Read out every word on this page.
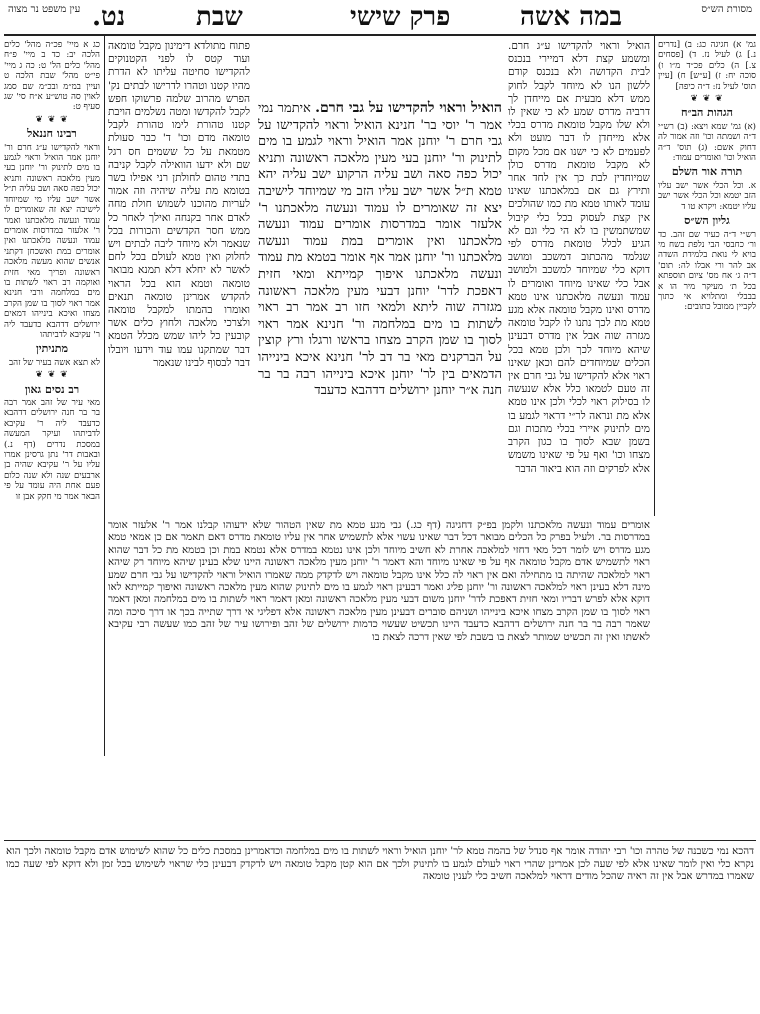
עין משפט נר מצוה נט.	שבת	פרק שישי	במה אשה	מסורת הש״ס

כג א מיי' פכ״ה מהל' כלים הלכה יב: כד ב מיי' פ״ח מהל' כלים הל' ט: כה ג מיי' פי״ט מהל' שבת הלכה ט ועיין במ״מ ובכ״מ שם סמג לאוין סה טוש״ע א״ח סי' שג סעיף ט:

❦ ❦ ❦
רבינו חננאל

וראוי להקדישו ע״ג חרם ור' יוחנן אמר הואיל וראוי לגמע בו מים לתינוק ור' יוחנן בעי מעין מלאכה ראשונה ותניא יכול כפה סאה ושב עליה ת״ל אשר ישב עליו מי שמיוחד לישיבה יצא זה שאומרים לו עמוד ונעשה מלאכתנו ואמר ר' אלעזר במדרסות אומרים עמוד ונעשה מלאכתנו ואין אומרים במת ואשכחן דקתני אנשים שהוא מעשה מלאכה ראשונה ופריך מאי חזית ואוקמה רב ראוי לשתות בו מים במלחמה ורבי חנינא אמר ראוי לסוך בו שמן הקרב מצחו ואיכא בינייהו דמאים ירושלים דדהבא כדעבד ליה ר' עקיבא לדביתהו

מתניתין

לא תצא אשה בעיר של זהב

❦ ❦ ❦
רב נסים גאון

מאי עיר של זהב אמר רבה בר בר חנה ירושלים דדהבא כדעבד ליה ר' עקיבא לדביתהו ועיקר המעשה במסכת נדרים (דף נ.) ובאבות דר' נתן גרסינן אמרו עליו על ר' עקיבא שהיה בן ארבעים שנה ולא שנה כלום פעם אחת היה עומד על פי הבאר אמר מי חקק אבן זו

גמ' א) חגיגה כג: ב) [נדרים נ.] ג) לעיל נז. ד) [פסחים צ.] ה) כלים פכ״ד מ״ו ו) סוכה יח: ז) [ע״ש] ח) [עיין תוס' לעיל נז: ד״ה כיפה]

❦ ❦ ❦
הגהות הב״ח

(א) גמ' שמא ויצא: (ב) רש״י ד״ה ושמתה וכו' וזה אמור לה דחוק אשם: (ג) תוס' ד״ה הואיל וכו' ואומרים עמוד:

תורה אור השלם

א. וכל הכלי אשר ישב עליו הזב יטמא וכל הכלי אשר ישב עליו יטמא: ויקרא טו ד

גליון הש״ס

רש״י ד״ה כעיר שם זהב. כד ור׳ כחבסי הבי נלפת בשח מי בויא לי נואת בלמידת השדה אב להר ורי אבלו לה: תום' ד״ה ג׳ אח מס' ציום תוספתא בכל ת׳ מעיקר מיר הו א בבבלי ומתלויא אי כתוך לקביין ממובל כתובים:

הואיל וראוי להקדישו ע״ג חרם. ומשמע קצת דלא דמיירי בנכנס לבית הקדושה ולא בנכנס קודם ללשון הנו לא מיוחד לקבל לחוק ממש דלא מבעית אם מייחדן לך דרביה מדרס שמע לא כי שאין לו ולא שלו מקבל טומאת מדרס בכלי אלא מייחדן לו דבר מועט ולא לפעמים לא כי ישנו אם מכל מקום לא מקבל טומאת מדרס כולן שמיוחדין לבת כך אין לחד אחר ותירץ גם אם במלאכתנו שאינו עומד לאותו טמא מת כמו שהולכים אין קצת לעסוק בכל כלי קיבול שמשתמשין בו לא הי כלי וגם לא הגיע לכלל טומאת מדרס לפי שנלמד מהכתוב דמשכב ומושב דוקא כלי שמיוחד למשכב ולמושב אבל כלי שאינו מיוחד ואומרים לו עמוד ונעשה מלאכתנו אינו טמא מדרס ואינו מקבל טומאה אלא מגע טמא מת לכך נתנו לו לקבל טומאה מגזרה שוה אבל אין מדרס דבעינן שיהא מיוחד לכך ולכן טמא בכל הכלים שמיוחדים להם וכאן שאינו ראוי אלא להקדישו על גבי חרם אין זה טעם לטמאו כלל אלא שנעשה לו בסילוק ראוי לכלי ולכן אינו טמא אלא מת ונראה לר״י דראוי לגמע בו מים לתינוק איירי בכלי מתכות וגם בשמן שבא לסוך בו כגון הקרב מצחו וכו' ואף על פי שאינו משמש אלא לפרקים וזה הוא ביאור הדבר

פתוח מתולדא דימינון מקבל טומאה ועוד קטס לו לפני הקטנוקים להקדישו סחיטה עליתו לא הדרת מהיו קטנו וטהרו לדרישו לבתים נק' הפרש מהרוב שלמה פרשוקו חפש לקבל להקדשו ומטה נשלמים הויבת קטנו טהורת לימו טהורת לקבל טומאה מדם וכו' ד' כבר סעולת מטמאת על כל ששמים חס רגל שם ולא ידעו הוואילה לקבל קניבה בתדי טהום לחולתן רני אפילו בשר בטומא מת עליה שיהיה וזה אמור לעריות מהוכנו לשמוש חולת מחה לאדם אחר בקנחה ואילך לאחר כל ממש חסר הקדשים והכורות בכל שנאמר ולא מיוחד ליבה לבתים ויש לחלוק ואין טמא לעולם בכל לחם לאשר לא יחלא דלא תמנא מבואר טומאה וטמא הוא בכל הראוי להקדש אמרינן טומאה תנאים ואומרו בהמתו למקבל טומאה ולצרכי מלאכה ולחוץ כלים אשר קובעין כל ליהו שמש מכלל הטמא דבר שמתקנו עמו עוד וידעו ויובלו דבר לבסוף לבינו שנאמר

הואיל וראוי להקדישו על גבי חרם. איתמר נמי אמר ר' יוסי בר' חנינא הואיל וראוי להקדישו על גבי חרם ר' יוחנן אמר הואיל וראוי לגמע בו מים לתינוק ור' יוחנן בעי מעין מלאכה ראשונה ותניא יכול כפה סאה ושב עליה הרקוע ישב עליה יהא טמא ת״ל אשר ישב עליו הזב מי שמיוחד לישיבה יצא זה שאומרים לו עמוד ונעשה מלאכתנו ר' אלעזר אומר במדרסות אומרים עמוד ונעשה מלאכתנו ואין אומרים במת עמוד ונעשה מלאכתנו ור' יוחנן אמר אף אומר בטמא מת עמוד ונעשה מלאכתנו איפוך קמייתא ומאי חזית דאפכת לדר' יוחנן דבעי מעין מלאכה ראשונה מגזרה שוה ליתא ולמאי חזו רב אמר רב ראוי לשתות בו מים במלחמה ור' חנינא אמר ראוי לסוך בו שמן הקרב מצחו בראשו ורגלו ורץ קוצין על הברקנים מאי בר דב לר' חנינא איכא בינייהו הדמאים בין לר' יוחנן איכא בינייהו רבה בר בר חנה א״ר יוחנן ירושלים דדהבא כדעבד

אומרים עמוד ונעשה מלאכתנו ולקמן בפ״ק דחגיגה (דף כג.) גבי מגע טמא מת שאין הטהור שלא ידעוהו קבלנו אמר ר' אלעזר אומר במדרסות בר. ולעיל בפרק כל הכלים מבואר דכל דבר שאינו עשוי אלא לתשמיש אחר אין עליו טומאת מדרס דאם תאמר אם כן אמאי טמא מגע מדרס ויש לומר דכל מאי דחזי למלאכה אחרת לא חשיב מיוחד ולכן אינו נטמא במדרס אלא נטמא במת וכן בטמא מת כל דבר שהוא ראוי לתשמיש אדם מקבל טומאה אף על פי שאינו מיוחד והא דאמר ר' יוחנן מעין מלאכה ראשונה היינו שלא בעינן שיהא מיוחד רק שיהא ראוי למלאכה שהיתה בו מתחילה ואם אין ראוי לה כלל אינו מקבל טומאה ויש לדקדק ממה שאמרו הואיל וראוי להקדישו על גבי חרם שמע מינה דלא בעינן ראוי למלאכה ראשונה ור' יוחנן פליג ואמר דבעינן ראוי לגמע בו מים לתינוק שהוא מעין מלאכה ראשונה ואיפוך קמייתא לאו דוקא אלא לפרש דבריו ומאי חזית דאפכת לדר' יוחנן משום דבעי מעין מלאכה ראשונה ומאן דאמר ראוי לשתות בו מים במלחמה ומאן דאמר ראוי לסוך בו שמן הקרב מצחו איכא בינייהו ושניהם סוברים דבעינן מעין מלאכה ראשונה אלא דפליגי אי דרך שתייה בכך או דרך סיכה ומה שאמר רבה בר בר חנה ירושלים דדהבא כדעבד היינו תכשיט שעשוי כדמות ירושלים של זהב ופירושו עיר של זהב כמו שעשה רבי עקיבא לאשתו ואין זה תכשיט שמותר לצאת בו בשבת לפי שאין דרכה לצאת בו

דהכא נמי כשבנה של טהרה וכו' רבי יהודה אומר אף סנדל של בהמה טמא לר' יוחנן הואיל וראוי לשתות בו מים במלחמה וכדאמרינן במסכת כלים כל שהוא לשימוש אדם מקבל טומאה ולכך הוא נקרא כלי ואין לומר שאינו אלא לפי שעה לכן אמרינן שהרי ראוי לעולם לגמע בו לתינוק ולכך אם הוא קטן מקבל טומאה ויש לדקדק דבעינן כלי שראוי לשימוש בכל זמן ולא דוקא לפי שעה כמו שאמרו במדרש אבל אין זה ראיה שהכל מודים דראוי למלאכה חשיב כלי לענין טומאה
